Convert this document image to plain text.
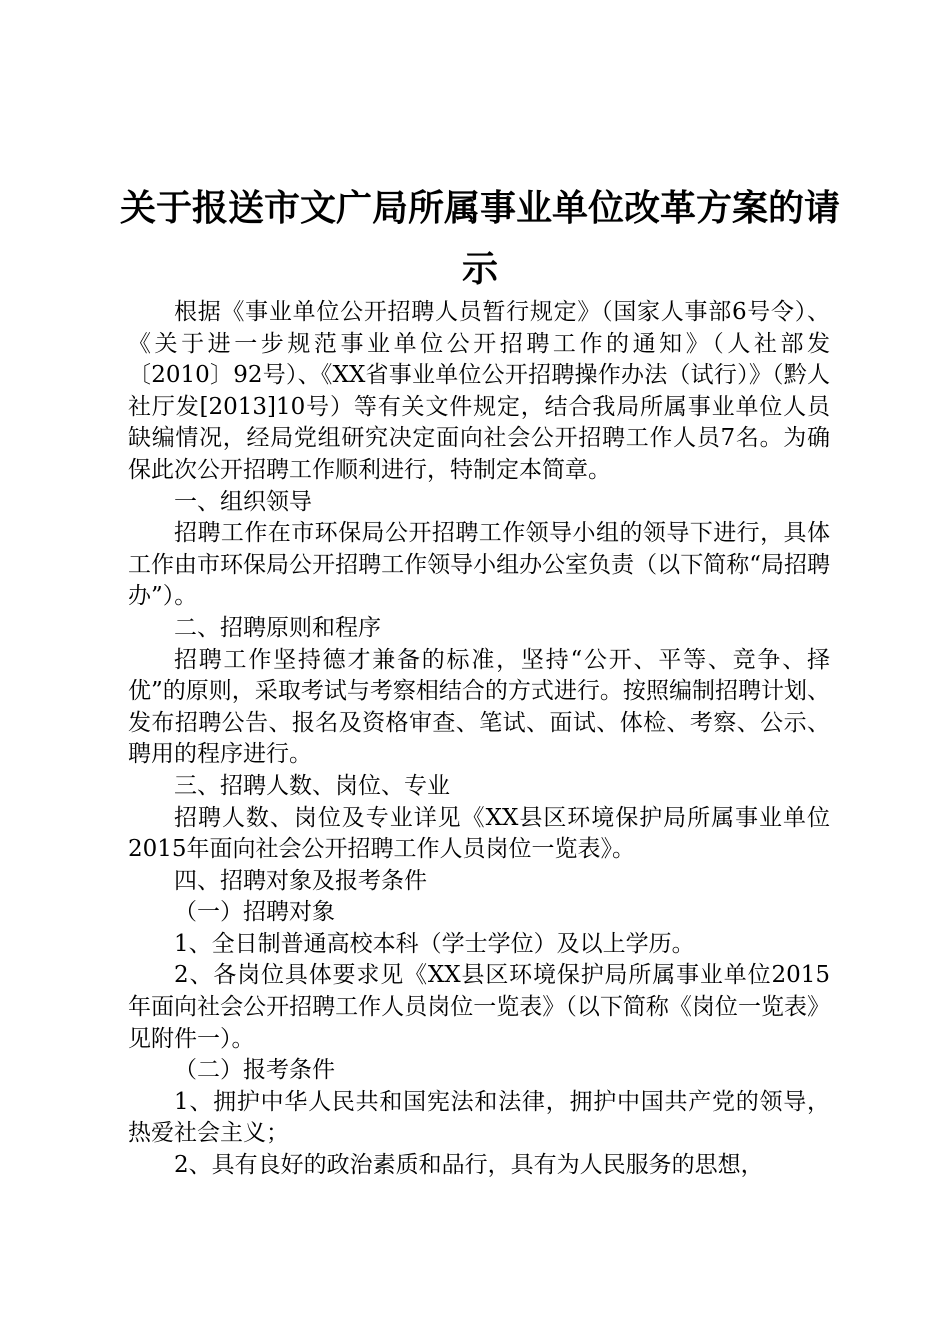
关于报送市文广局所属事业单位改革方案的请
示

根据《事业单位公开招聘人员暂行规定》（国家人事部6号令）、《关于进一步规范事业单位公开招聘工作的通知》（人社部发〔2010〕92号）、《XX省事业单位公开招聘操作办法（试行）》（黔人社厅发[2013]10号）等有关文件规定，结合我局所属事业单位人员缺编情况，经局党组研究决定面向社会公开招聘工作人员7名。为确保此次公开招聘工作顺利进行，特制定本简章。

一、组织领导

招聘工作在市环保局公开招聘工作领导小组的领导下进行，具体工作由市环保局公开招聘工作领导小组办公室负责（以下简称“局招聘办”）。

二、招聘原则和程序

招聘工作坚持德才兼备的标准，坚持“公开、平等、竞争、择优”的原则，采取考试与考察相结合的方式进行。按照编制招聘计划、发布招聘公告、报名及资格审查、笔试、面试、体检、考察、公示、聘用的程序进行。

三、招聘人数、岗位、专业

招聘人数、岗位及专业详见《XX县区环境保护局所属事业单位2015年面向社会公开招聘工作人员岗位一览表》。

四、招聘对象及报考条件

（一）招聘对象

1、全日制普通高校本科（学士学位）及以上学历。

2、各岗位具体要求见《XX县区环境保护局所属事业单位2015年面向社会公开招聘工作人员岗位一览表》（以下简称《岗位一览表》见附件一）。

（二）报考条件

1、拥护中华人民共和国宪法和法律，拥护中国共产党的领导，热爱社会主义；

2、具有良好的政治素质和品行，具有为人民服务的思想，
